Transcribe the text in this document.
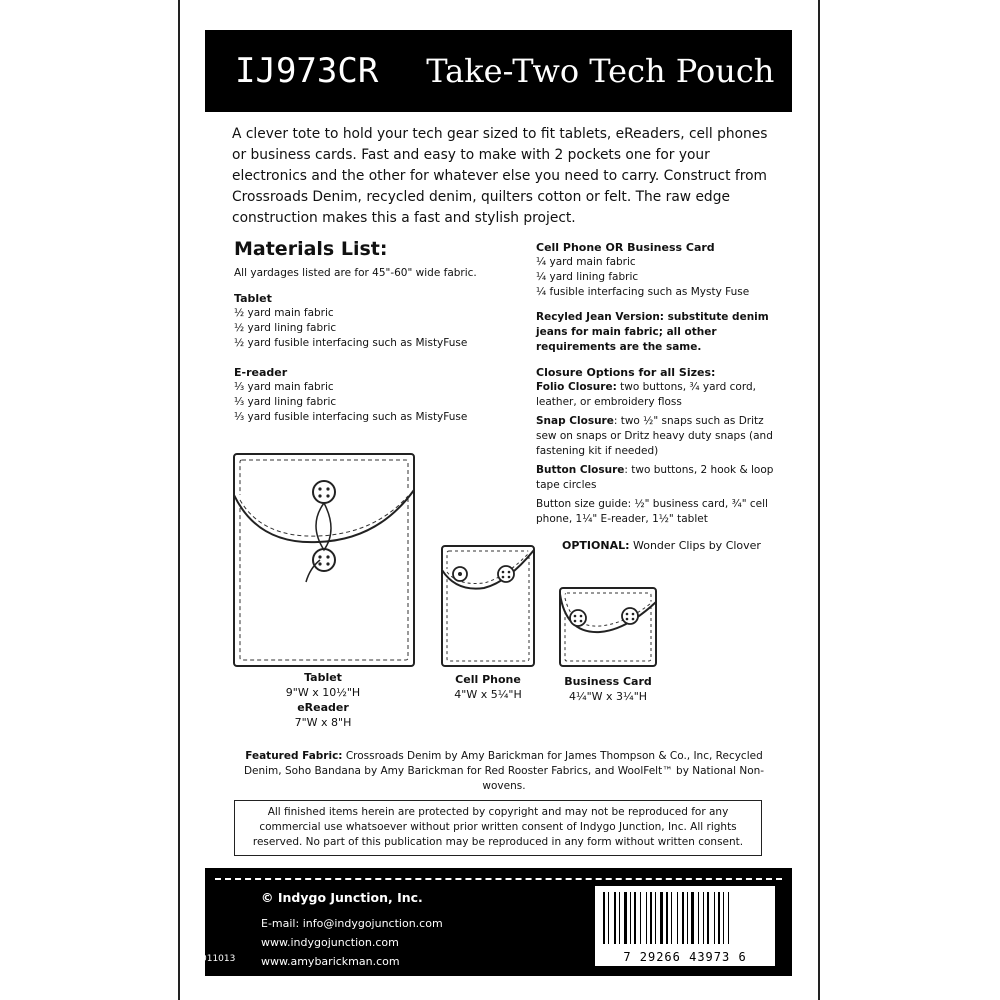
IJ973CR Take-Two Tech Pouch
A clever tote to hold your tech gear sized to fit tablets, eReaders, cell phones or business cards. Fast and easy to make with 2 pockets one for your electronics and the other for whatever else you need to carry. Construct from Crossroads Denim, recycled denim, quilters cotton or felt. The raw edge construction makes this a fast and stylish project.
Materials List:
All yardages listed are for 45"-60" wide fabric.
Tablet
½ yard main fabric
½ yard lining fabric
½ yard fusible interfacing such as MistyFuse
E-reader
⅓ yard main fabric
⅓ yard lining fabric
⅓ yard fusible interfacing such as MistyFuse
Cell Phone OR Business Card
¼ yard main fabric
¼ yard lining fabric
¼ fusible interfacing such as Mysty Fuse
Recyled Jean Version: substitute denim jeans for main fabric; all other requirements are the same.
Closure Options for all Sizes:
Folio Closure: two buttons, ¾ yard cord, leather, or embroidery floss
Snap Closure: two ½" snaps such as Dritz sew on snaps or Dritz heavy duty snaps (and fastening kit if needed)
Button Closure: two buttons, 2 hook & loop tape circles
Button size guide: ½" business card, ¾" cell phone, 1¼" E-reader, 1½" tablet
OPTIONAL: Wonder Clips by Clover
Tablet
9"W x 10½"H
eReader
7"W x 8"H
Cell Phone
4"W x 5¼"H
Business Card
4¼"W x 3¼"H
Featured Fabric: Crossroads Denim by Amy Barickman for James Thompson & Co., Inc, Recycled Denim, Soho Bandana by Amy Barickman for Red Rooster Fabrics, and WoolFelt™ by National Non-wovens.
All finished items herein are protected by copyright and may not be reproduced for any commercial use whatsoever without prior written consent of Indygo Junction, Inc. All rights reserved. No part of this publication may be reproduced in any form without written consent.
© Indygo Junction, Inc.
E-mail: info@indygojunction.com
www.indygojunction.com
www.amybarickman.com
011013	7 29266 43973 6
